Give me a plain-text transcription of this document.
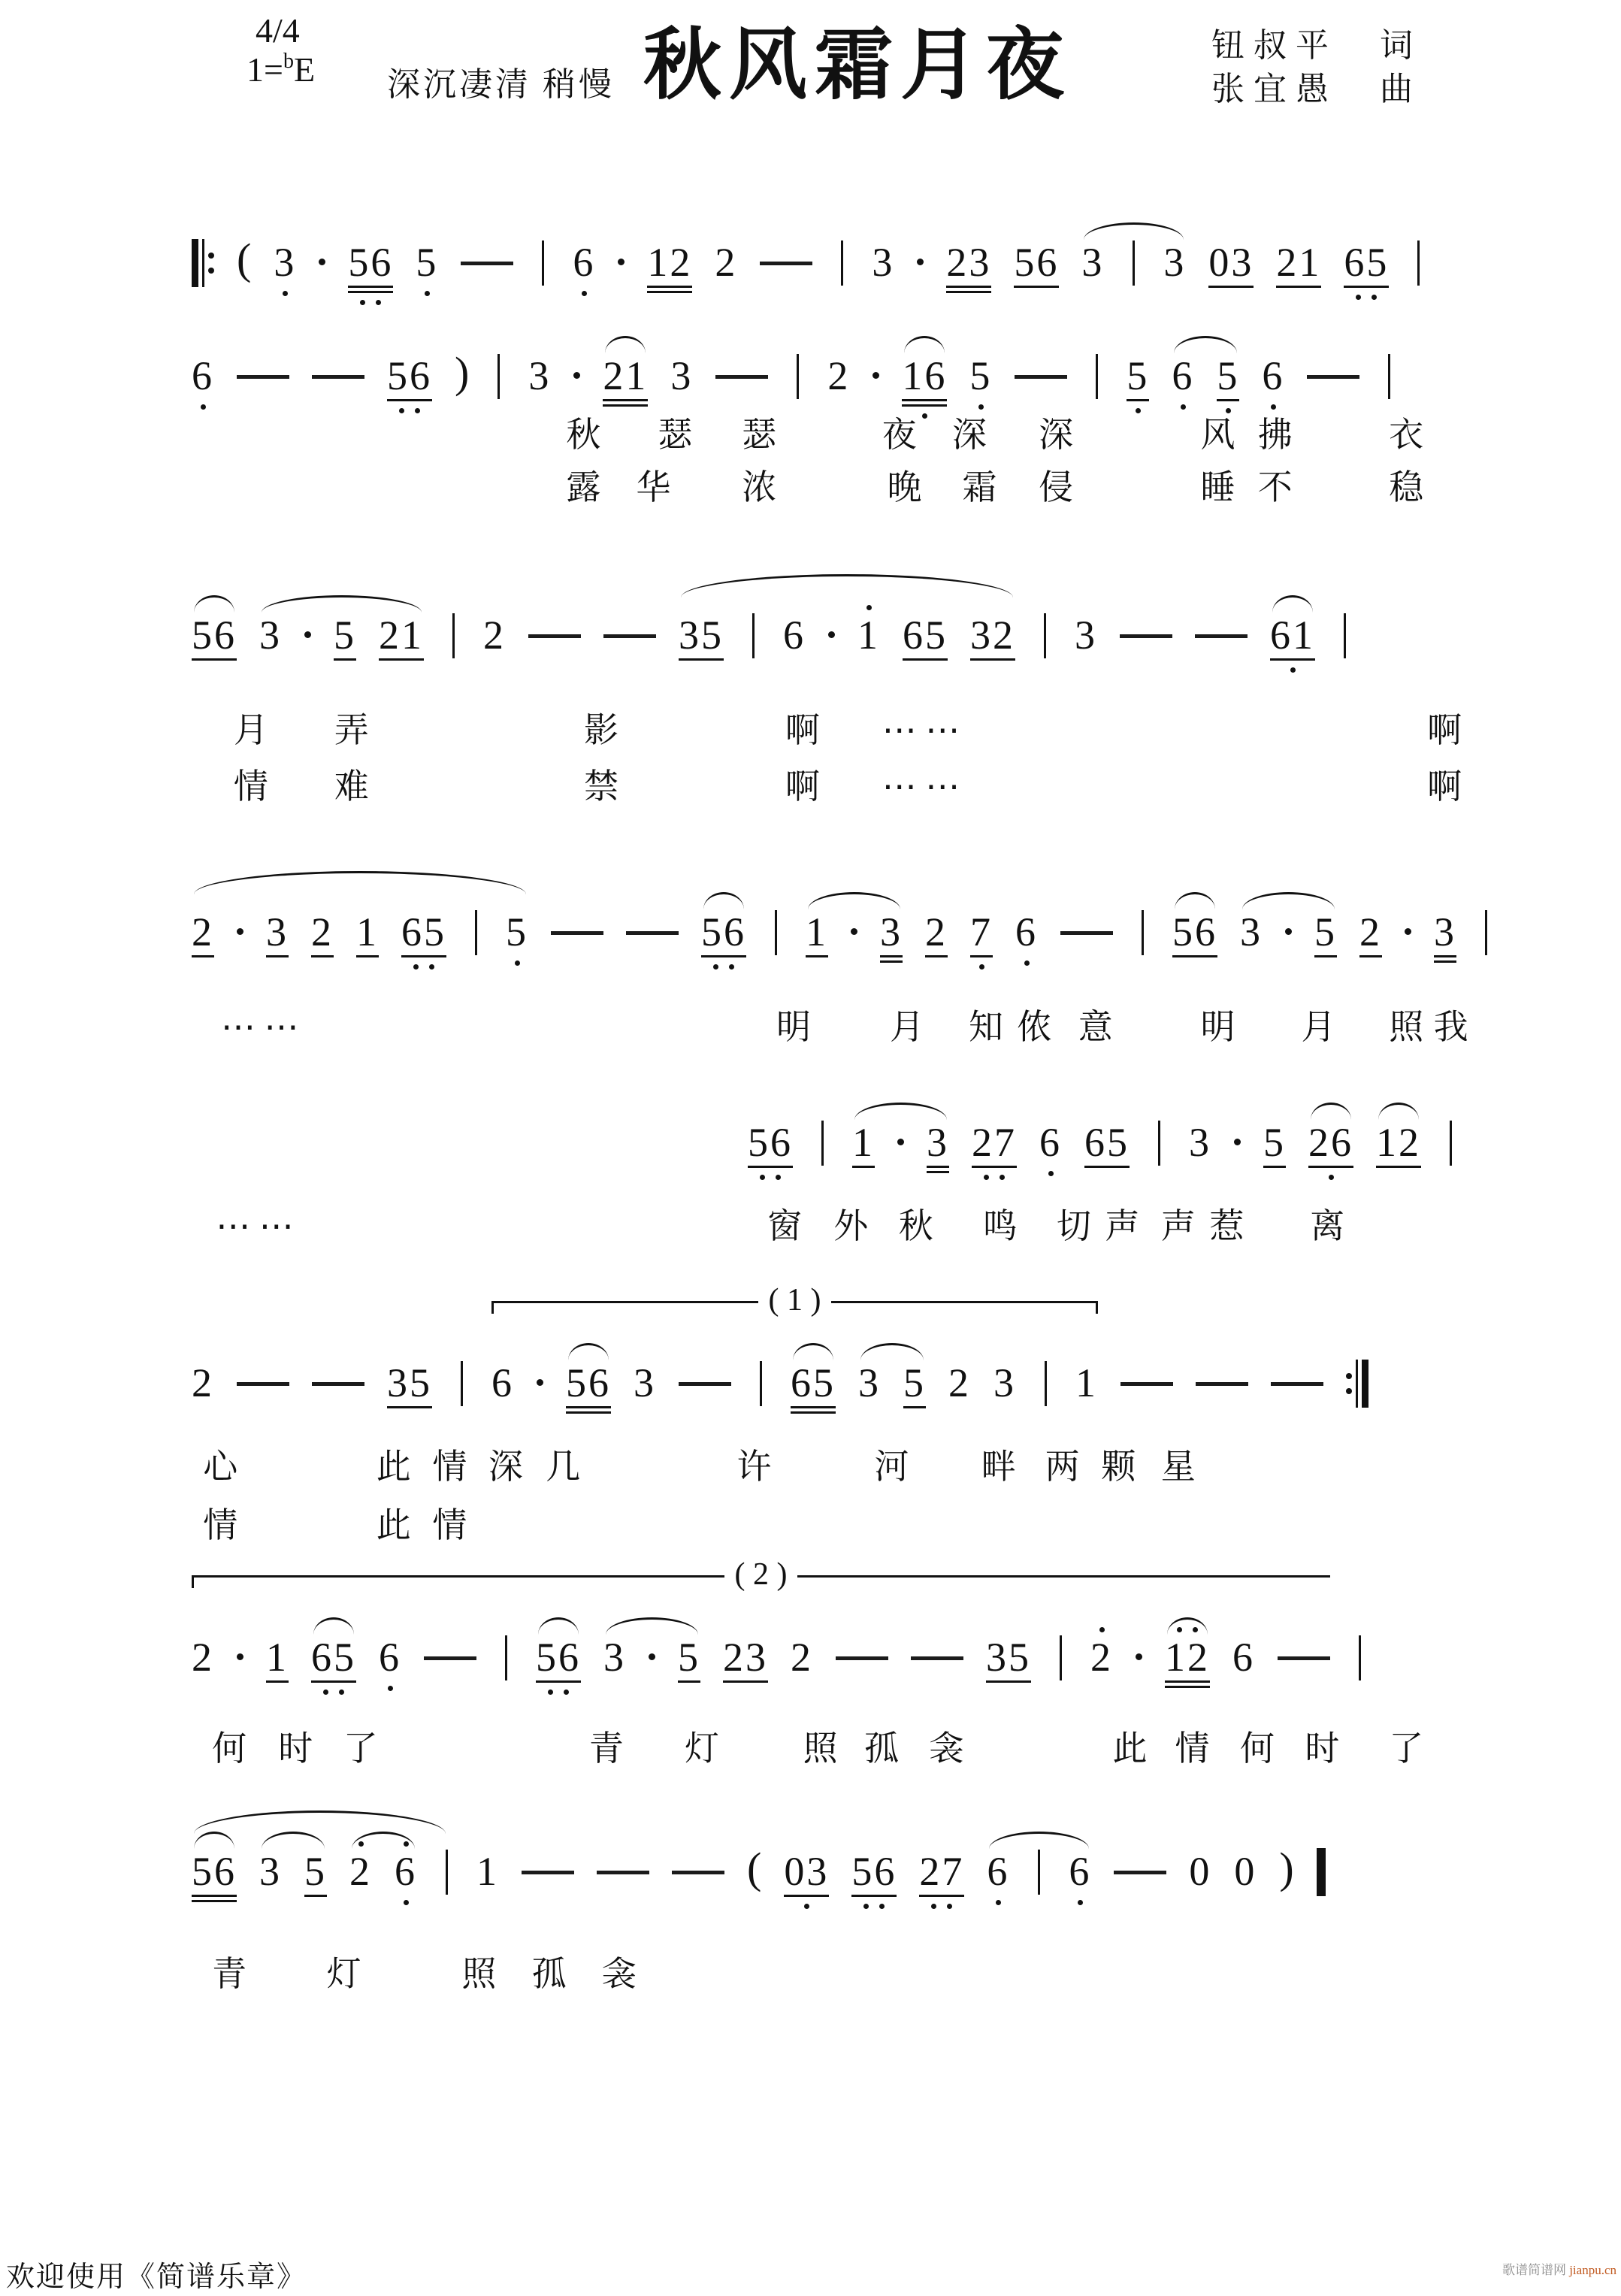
4/4
1=$^b$E 深沉凄清 稍慢 秋风霜月夜	钮叔平　词
张宜愚　曲
( 3 56 5	6 12 2	3 23 56 3 3 03 21 65
6	56 ) 3 21 3	2 16 5	5 6 5 6
56 3 5 21 2	35 6 1 65 32 3	61
2 3 2 1 65 5	56 1 3 2 7 6	56 3 5 2 3
56 1 3 27 6 65 3 5 26 12
2	35 6 56 3	65 3 5 2 3 1
( 1 )
2 1 65 6	56 3 5 23 2	35 2 12 6
( 2 )
56 3 5 2 6 1	( 03 56 27 6 6 0 0 )
秋 瑟 瑟	夜 深 深	风 拂	衣
露 华 浓	晚 霜 侵	睡 不	稳
月 弄	影	啊 ⋯ ⋯	啊
情 难	禁	啊 ⋯ ⋯	啊
⋯ ⋯	明 月 知 侬 意	明 月 照 我
⋯ ⋯	窗 外 秋 鸣 切 声 声 惹 离
心	此 情 深 几	许	河 畔 两 颗 星
情	此 情
何 时 了	青 灯 照 孤 衾	此 情 何 时 了
青 灯	照 孤 衾
欢迎使用《简谱乐章》	歌谱简谱网 jianpu.cn
